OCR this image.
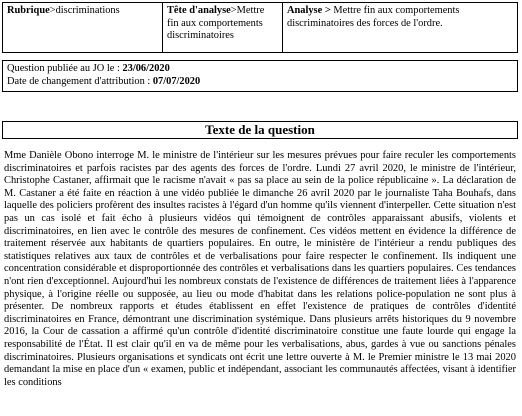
Rubrique>discriminations	Tête d'analyse>Mettre fin aux comportements discriminatoires
Analyse > Mettre fin aux comportements discriminatoires des forces de l'ordre.
Question publiée au JO le : 23/06/2020
Date de changement d'attribution : 07/07/2020
Texte de la question
Mme Danièle Obono interroge M. le ministre de l'intérieur sur les mesures prévues pour faire reculer les comportements discriminatoires et parfois racistes par des agents des forces de l'ordre. Lundi 27 avril 2020, le ministre de l'intérieur, Christophe Castaner, affirmait que le racisme n'avait « pas sa place au sein de la police républicaine ». La déclaration de M. Castaner a été faite en réaction à une vidéo publiée le dimanche 26 avril 2020 par le journaliste Taha Bouhafs, dans laquelle des policiers profèrent des insultes racistes à l'égard d'un homme qu'ils viennent d'interpeller. Cette situation n'est pas un cas isolé et fait écho à plusieurs vidéos qui témoignent de contrôles apparaissant abusifs, violents et discriminatoires, en lien avec le contrôle des mesures de confinement. Ces vidéos mettent en évidence la différence de traitement réservée aux habitants de quartiers populaires. En outre, le ministère de l'intérieur a rendu publiques des statistiques relatives aux taux de contrôles et de verbalisations pour faire respecter le confinement. Ils indiquent une concentration considérable et disproportionnée des contrôles et verbalisations dans les quartiers populaires. Ces tendances n'ont rien d'exceptionnel. Aujourd'hui les nombreux constats de l'existence de différences de traitement liées à l'apparence physique, à l'origine réelle ou supposée, au lieu ou mode d'habitat dans les relations police-population ne sont plus à présenter. De nombreux rapports et études établissent en effet l'existence de pratiques de contrôles d'identité discriminatoires en France, démontrant une discrimination systémique. Dans plusieurs arrêts historiques du 9 novembre 2016, la Cour de cassation a affirmé qu'un contrôle d'identité discriminatoire constitue une faute lourde qui engage la responsabilité de l'État. Il est clair qu'il en va de même pour les verbalisations, abus, gardes à vue ou sanctions pénales discriminatoires. Plusieurs organisations et syndicats ont écrit une lettre ouverte à M. le Premier ministre le 13 mai 2020 demandant la mise en place d'un « examen, public et indépendant, associant les communautés affectées, visant à identifier les conditions
